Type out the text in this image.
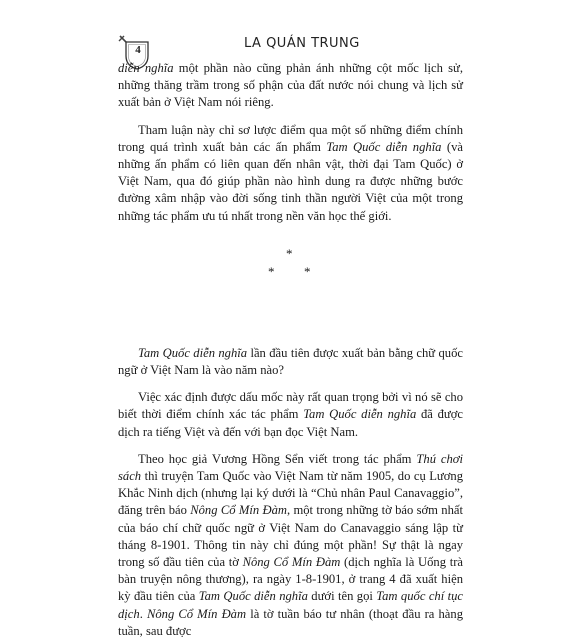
4	LA QUÁN TRUNG

diễn nghĩa một phần nào cũng phản ánh những cột mốc lịch sử, những thăng trầm trong số phận của đất nước nói chung và lịch sử xuất bản ở Việt Nam nói riêng.

Tham luận này chỉ sơ lược điểm qua một số những điểm chính trong quá trình xuất bản các ấn phẩm Tam Quốc diễn nghĩa (và những ấn phẩm có liên quan đến nhân vật, thời đại Tam Quốc) ở Việt Nam, qua đó giúp phần nào hình dung ra được những bước đường xâm nhập vào đời sống tinh thần người Việt của một trong những tác phẩm ưu tú nhất trong nền văn học thế giới.

*
* *

Tam Quốc diễn nghĩa lần đầu tiên được xuất bản bằng chữ quốc ngữ ở Việt Nam là vào năm nào?

Việc xác định được dấu mốc này rất quan trọng bởi vì nó sẽ cho biết thời điểm chính xác tác phẩm Tam Quốc diễn nghĩa đã được dịch ra tiếng Việt và đến với bạn đọc Việt Nam.

Theo học giả Vương Hồng Sển viết trong tác phẩm Thú chơi sách thì truyện Tam Quốc vào Việt Nam từ năm 1905, do cụ Lương Khắc Ninh dịch (nhưng lại ký dưới là “Chủ nhân Paul Canavaggio”, đăng trên báo Nông Cổ Mín Đàm, một trong những tờ báo sớm nhất của báo chí chữ quốc ngữ ở Việt Nam do Canavaggio sáng lập từ tháng 8-1901. Thông tin này chỉ đúng một phần! Sự thật là ngay trong số đầu tiên của tờ Nông Cổ Mín Đàm (dịch nghĩa là Uống trà bàn truyện nông thương), ra ngày 1-8-1901, ở trang 4 đã xuất hiện kỳ đầu tiên của Tam Quốc diễn nghĩa dưới tên gọi Tam quốc chí tục dịch. Nông Cổ Mín Đàm là tờ tuần báo tư nhân (thoạt đầu ra hàng tuần, sau được
